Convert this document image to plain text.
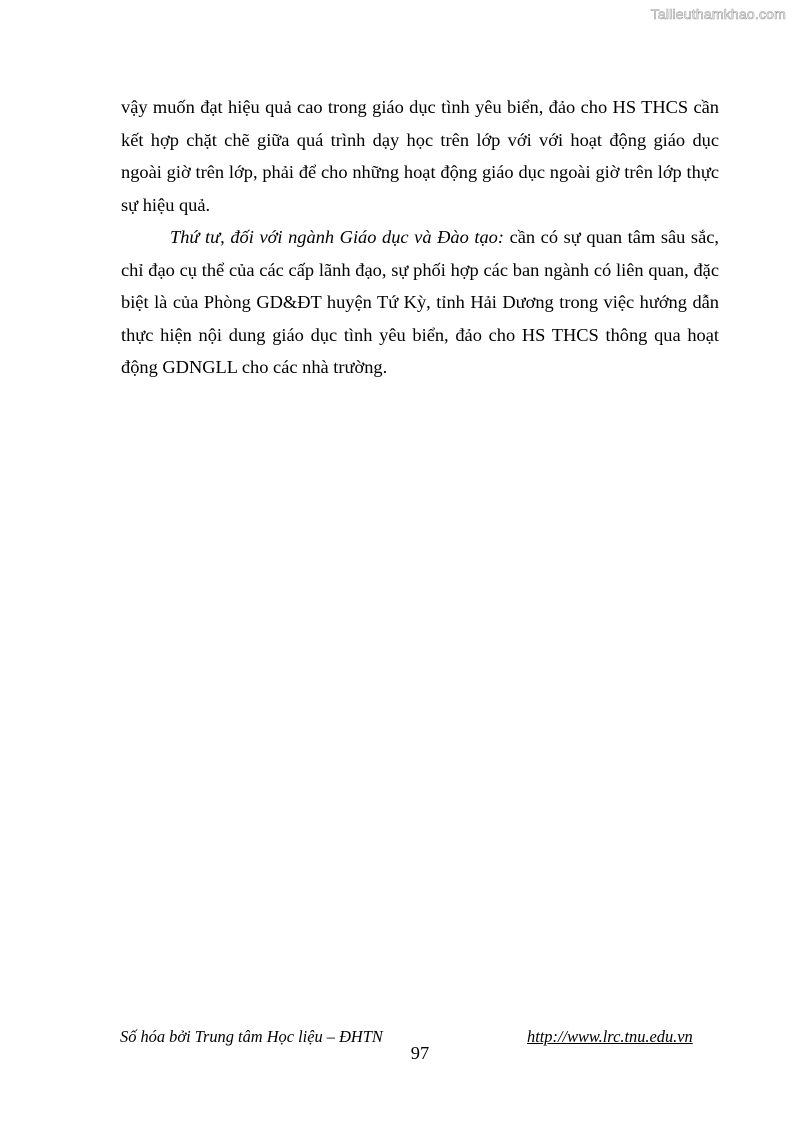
Tailieuthamkhao.com

vậy muốn đạt hiệu quả cao trong giáo dục tình yêu biển, đảo cho HS THCS cần kết hợp chặt chẽ giữa quá trình dạy học trên lớp với với hoạt động giáo dục ngoài giờ trên lớp, phải để cho những hoạt động giáo dục ngoài giờ trên lớp thực sự hiệu quả.

Thứ tư, đối với ngành Giáo dục và Đào tạo: cần có sự quan tâm sâu sắc, chỉ đạo cụ thể của các cấp lãnh đạo, sự phối hợp các ban ngành có liên quan, đặc biệt là của Phòng GD&ĐT huyện Tứ Kỳ, tỉnh Hải Dương trong việc hướng dẫn thực hiện nội dung giáo dục tình yêu biển, đảo cho HS THCS thông qua hoạt động GDNGLL cho các nhà trường.

Số hóa bởi Trung tâm Học liệu – ĐHTN	http://www.lrc.tnu.edu.vn
97
